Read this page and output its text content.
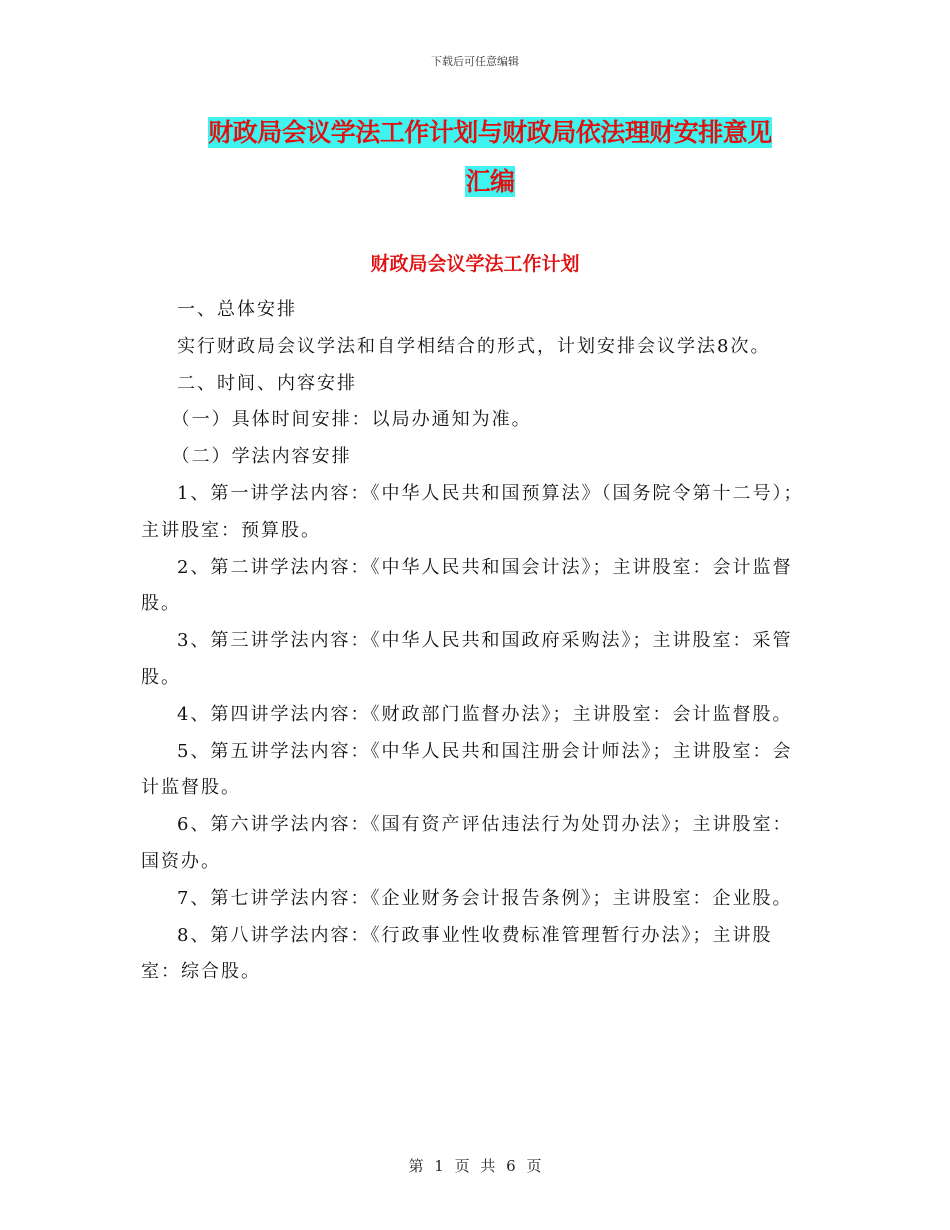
下载后可任意编辑
财政局会议学法工作计划与财政局依法理财安排意见
汇编
财政局会议学法工作计划

一、总体安排

实行财政局会议学法和自学相结合的形式，计划安排会议学法8次。

二、时间、内容安排

（一）具体时间安排：以局办通知为准。

（二）学法内容安排

1、第一讲学法内容：《中华人民共和国预算法》（国务院令第十二号）；主讲股室：预算股。

2、第二讲学法内容：《中华人民共和国会计法》；主讲股室：会计监督股。

3、第三讲学法内容：《中华人民共和国政府采购法》；主讲股室：采管股。

4、第四讲学法内容：《财政部门监督办法》；主讲股室：会计监督股。

5、第五讲学法内容：《中华人民共和国注册会计师法》；主讲股室：会计监督股。

6、第六讲学法内容：《国有资产评估违法行为处罚办法》；主讲股室：国资办。

7、第七讲学法内容：《企业财务会计报告条例》；主讲股室：企业股。

8、第八讲学法内容：《行政事业性收费标准管理暂行办法》；主讲股室：综合股。

第 1 页 共 6 页
